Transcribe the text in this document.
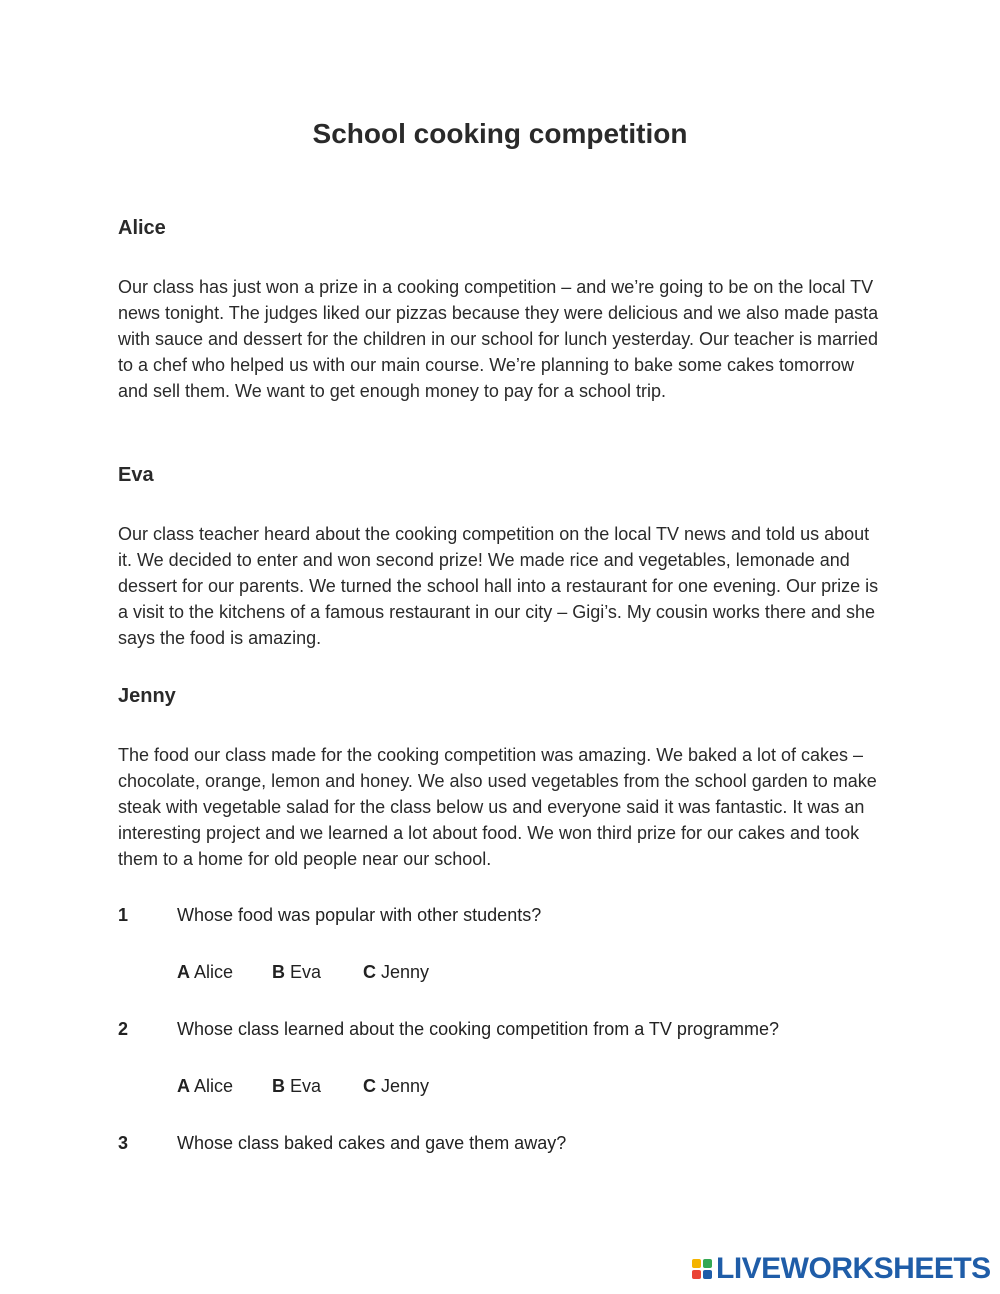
School cooking competition
Alice

Our class has just won a prize in a cooking competition – and we’re going to be on the local TV news tonight. The judges liked our pizzas because they were delicious and we also made pasta with sauce and dessert for the children in our school for lunch yesterday. Our teacher is married to a chef who helped us with our main course. We’re planning to bake some cakes tomorrow and sell them. We want to get enough money to pay for a school trip.

Eva

Our class teacher heard about the cooking competition on the local TV news and told us about it. We decided to enter and won second prize! We made rice and vegetables, lemonade and dessert for our parents. We turned the school hall into a restaurant for one evening. Our prize is a visit to the kitchens of a famous restaurant in our city – Gigi’s. My cousin works there and she says the food is amazing.

Jenny

The food our class made for the cooking competition was amazing. We baked a lot of cakes – chocolate, orange, lemon and honey. We also used vegetables from the school garden to make steak with vegetable salad for the class below us and everyone said it was fantastic. It was an interesting project and we learned a lot about food. We won third prize for our cakes and took them to a home for old people near our school.

1	Whose food was popular with other students?
A Alice B Eva C Jenny
2	Whose class learned about the cooking competition from a TV programme?
A Alice B Eva C Jenny
3	Whose class baked cakes and gave them away?
LIVEWORKSHEETS
